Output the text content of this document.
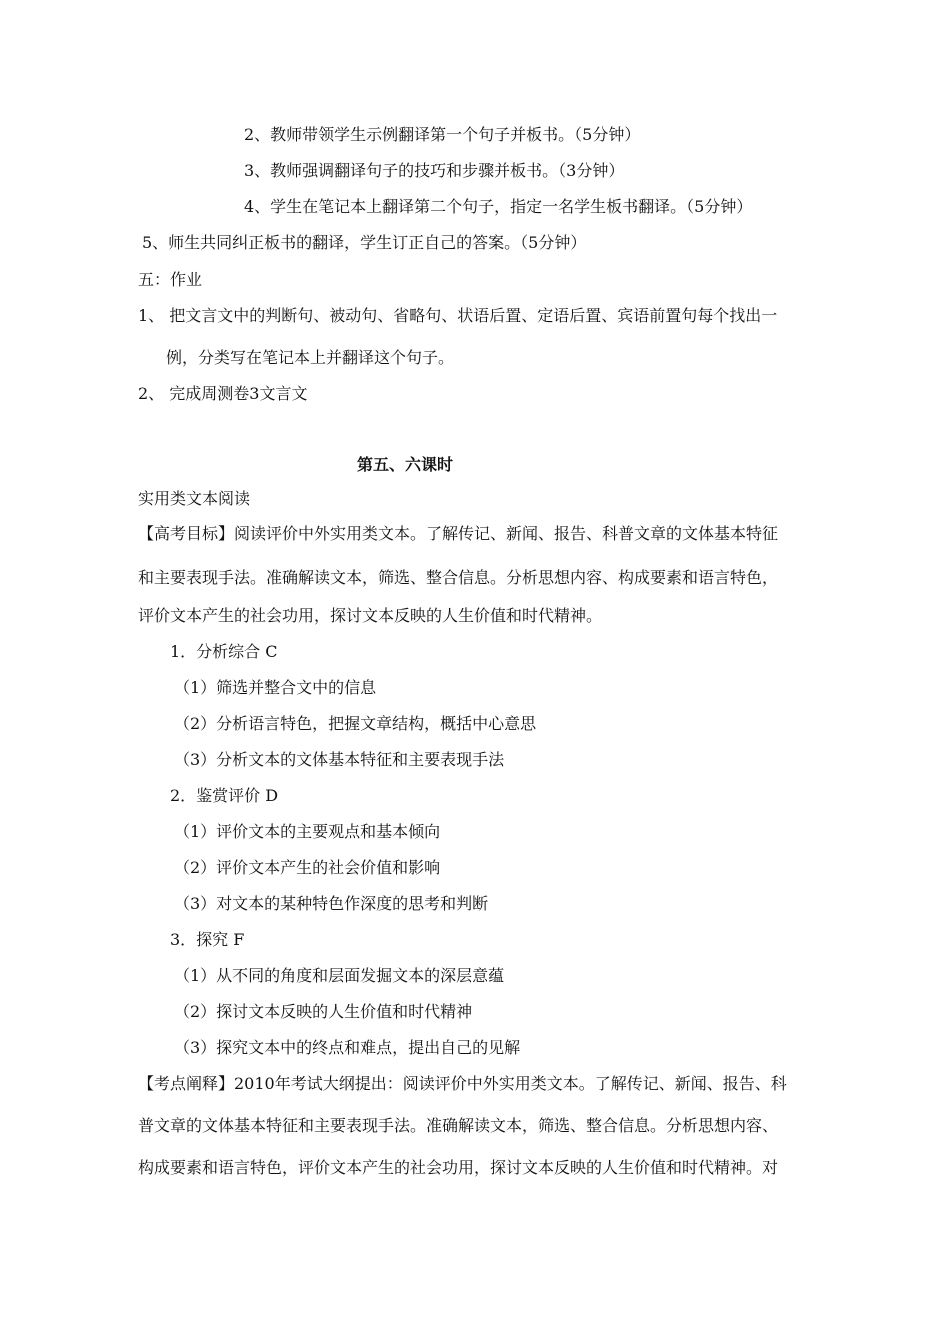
2、教师带领学生示例翻译第一个句子并板书。（5分钟）
3、教师强调翻译句子的技巧和步骤并板书。（3分钟）
4、学生在笔记本上翻译第二个句子，指定一名学生板书翻译。（5分钟）
5、师生共同纠正板书的翻译，学生订正自己的答案。（5分钟）
五：作业
1、 把文言文中的判断句、被动句、省略句、状语后置、定语后置、宾语前置句每个找出一
例，分类写在笔记本上并翻译这个句子。
2、 完成周测卷3文言文
第五、六课时
实用类文本阅读
【高考目标】阅读评价中外实用类文本。了解传记、新闻、报告、科普文章的文体基本特征
和主要表现手法。准确解读文本，筛选、整合信息。分析思想内容、构成要素和语言特色，
评价文本产生的社会功用，探讨文本反映的人生价值和时代精神。
1．分析综合 C
（1）筛选并整合文中的信息
（2）分析语言特色，把握文章结构，概括中心意思
（3）分析文本的文体基本特征和主要表现手法
2．鉴赏评价 D
（1）评价文本的主要观点和基本倾向
（2）评价文本产生的社会价值和影响
（3）对文本的某种特色作深度的思考和判断
3．探究 F
（1）从不同的角度和层面发掘文本的深层意蕴
（2）探讨文本反映的人生价值和时代精神
（3）探究文本中的终点和难点，提出自己的见解
【考点阐释】2010年考试大纲提出：阅读评价中外实用类文本。了解传记、新闻、报告、科
普文章的文体基本特征和主要表现手法。准确解读文本，筛选、整合信息。分析思想内容、
构成要素和语言特色，评价文本产生的社会功用，探讨文本反映的人生价值和时代精神。对
